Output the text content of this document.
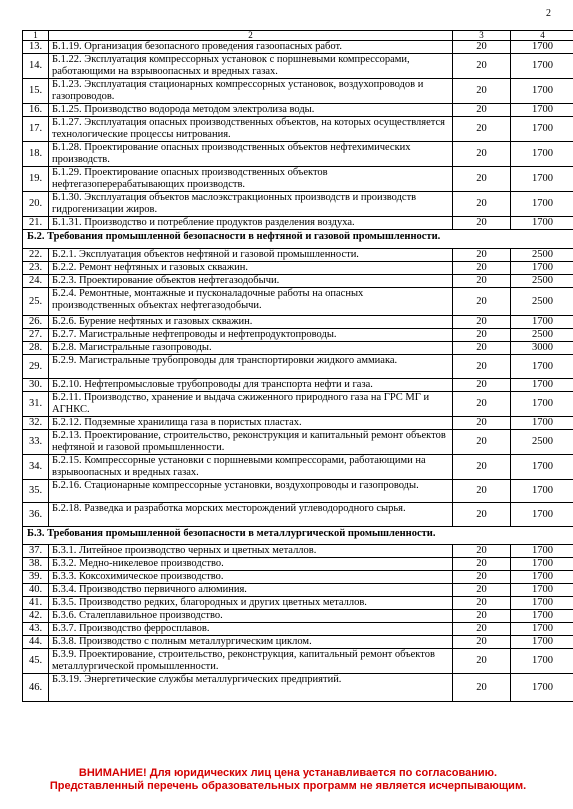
2
1	2	3	4
13.	Б.1.19. Организация безопасного проведения газоопасных работ.	20	1700
14.	Б.1.22. Эксплуатация компрессорных установок с поршневыми компрессорами, работающими на взрывоопасных и вредных газах.	20	1700
15.	Б.1.23. Эксплуатация стационарных компрессорных установок, воздухопроводов и газопроводов.	20	1700
16.	Б.1.25. Производство водорода методом электролиза воды.	20	1700
17.	Б.1.27. Эксплуатация опасных производственных объектов, на которых осуществляется технологические процессы нитрования.	20	1700
18.	Б.1.28. Проектирование опасных производственных объектов нефтехимических производств.	20	1700
19.	Б.1.29. Проектирование опасных производственных объектов нефтегазоперерабатывающих производств.	20	1700
20.	Б.1.30. Эксплуатация объектов маслоэкстракционных производств и производств гидрогенизации жиров.	20	1700
21.	Б.1.31. Производство и потребление продуктов разделения воздуха.	20	1700
Б.2. Требования промышленной безопасности в нефтяной и газовой промышленности.			
22.	Б.2.1. Эксплуатация объектов нефтяной и газовой промышленности.	20	2500
23.	Б.2.2. Ремонт нефтяных и газовых скважин.	20	1700
24.	Б.2.3. Проектирование объектов нефтегазодобычи.	20	2500
25.	Б.2.4. Ремонтные, монтажные и пусконаладочные работы на опасных производственных объектах нефтегазодобычи.	20	2500
26.	Б.2.6. Бурение нефтяных и газовых скважин.	20	1700
27.	Б.2.7. Магистральные нефтепроводы и нефтепродуктопроводы.	20	2500
28.	Б.2.8. Магистральные газопроводы.	20	3000
29.	Б.2.9. Магистральные трубопроводы для транспортировки жидкого аммиака.	20	1700
30.	Б.2.10. Нефтепромысловые трубопроводы для транспорта нефти и газа.	20	1700
31.	Б.2.11. Производство, хранение и выдача сжиженного природного газа на ГРС МГ и АГНКС.	20	1700
32.	Б.2.12. Подземные хранилища газа в пористых пластах.	20	1700
33.	Б.2.13. Проектирование, строительство, реконструкция и капитальный ремонт объектов нефтяной и газовой промышленности.	20	2500
34.	Б.2.15. Компрессорные установки с поршневыми компрессорами, работающими на взрывоопасных и вредных газах.	20	1700
35.	Б.2.16. Стационарные компрессорные установки, воздухопроводы и газопроводы.	20	1700
36.	Б.2.18. Разведка и разработка морских месторождений углеводородного сырья.	20	1700
Б.3. Требования промышленной безопасности в металлургической промышленности.			
37.	Б.3.1. Литейное производство черных и цветных металлов.	20	1700
38.	Б.3.2. Медно-никелевое производство.	20	1700
39.	Б.3.3. Коксохимическое производство.	20	1700
40.	Б.3.4. Производство первичного алюминия.	20	1700
41.	Б.3.5. Производство редких, благородных и других цветных металлов.	20	1700
42.	Б.3.6. Сталеплавильное производство.	20	1700
43.	Б.3.7. Производство ферросплавов.	20	1700
44.	Б.3.8. Производство с полным металлургическим циклом.	20	1700
45.	Б.3.9. Проектирование, строительство, реконструкция, капитальный ремонт объектов металлургической промышленности.	20	1700
46.	Б.3.19. Энергетические службы металлургических предприятий.	20	1700
ВНИМАНИЕ! Для юридических лиц цена устанавливается по согласованию.
Представленный перечень образовательных программ не является исчерпывающим.
